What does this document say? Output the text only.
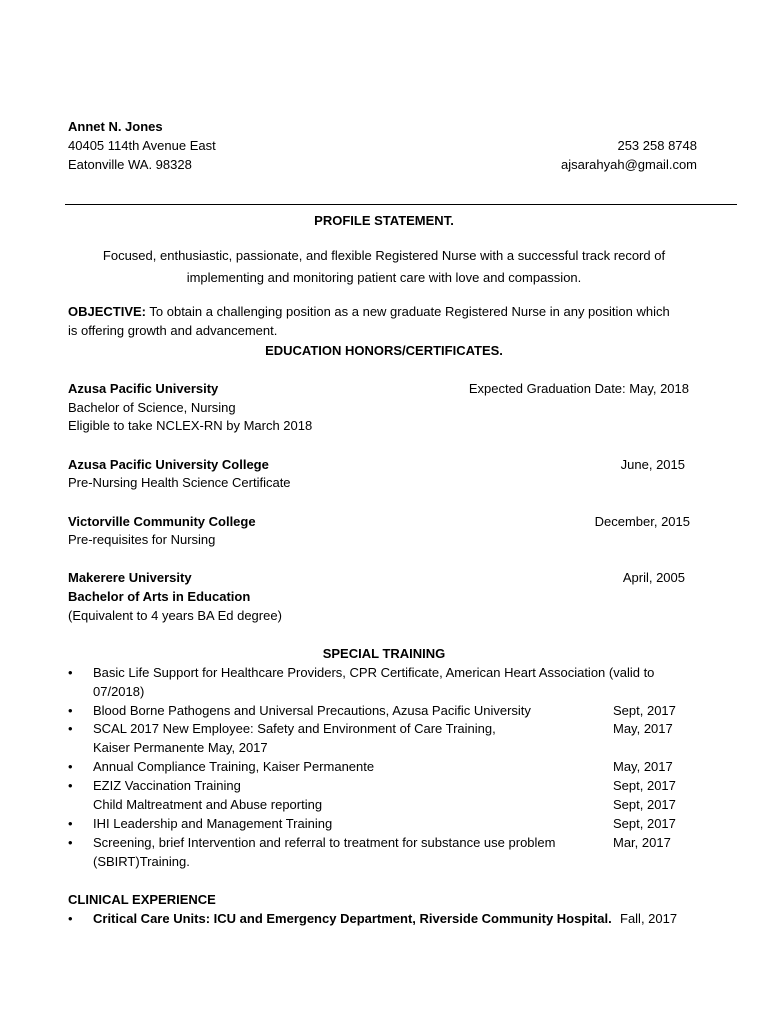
Annet N. Jones
40405 114th Avenue East
Eatonville WA. 98328
253 258 8748
ajsarahyah@gmail.com
PROFILE STATEMENT.
Focused, enthusiastic, passionate, and flexible Registered Nurse with a successful track record of
implementing and monitoring patient care with love and compassion.
OBJECTIVE: To obtain a challenging position as a new graduate Registered Nurse in any position which
is offering growth and advancement.
EDUCATION HONORS/CERTIFICATES.
Azusa Pacific University	Expected Graduation Date: May, 2018
Bachelor of Science, Nursing
Eligible to take NCLEX-RN by March 2018
Azusa Pacific University College	June, 2015
Pre-Nursing Health Science Certificate
Victorville Community College	December, 2015
Pre-requisites for Nursing
Makerere University	April, 2005
Bachelor of Arts in Education
(Equivalent to 4 years BA Ed degree)
SPECIAL TRAINING
• Basic Life Support for Healthcare Providers, CPR Certificate, American Heart Association (valid to
07/2018)
• Blood Borne Pathogens and Universal Precautions, Azusa Pacific University	Sept, 2017
• SCAL 2017 New Employee: Safety and Environment of Care Training,	May, 2017
Kaiser Permanente May, 2017
• Annual Compliance Training, Kaiser Permanente	May, 2017
• EZIZ Vaccination Training	Sept, 2017
Child Maltreatment and Abuse reporting	Sept, 2017
• IHI Leadership and Management Training	Sept, 2017
• Screening, brief Intervention and referral to treatment for substance use problem	Mar, 2017
(SBIRT)Training.
CLINICAL EXPERIENCE
• Critical Care Units: ICU and Emergency Department, Riverside Community Hospital. Fall, 2017
